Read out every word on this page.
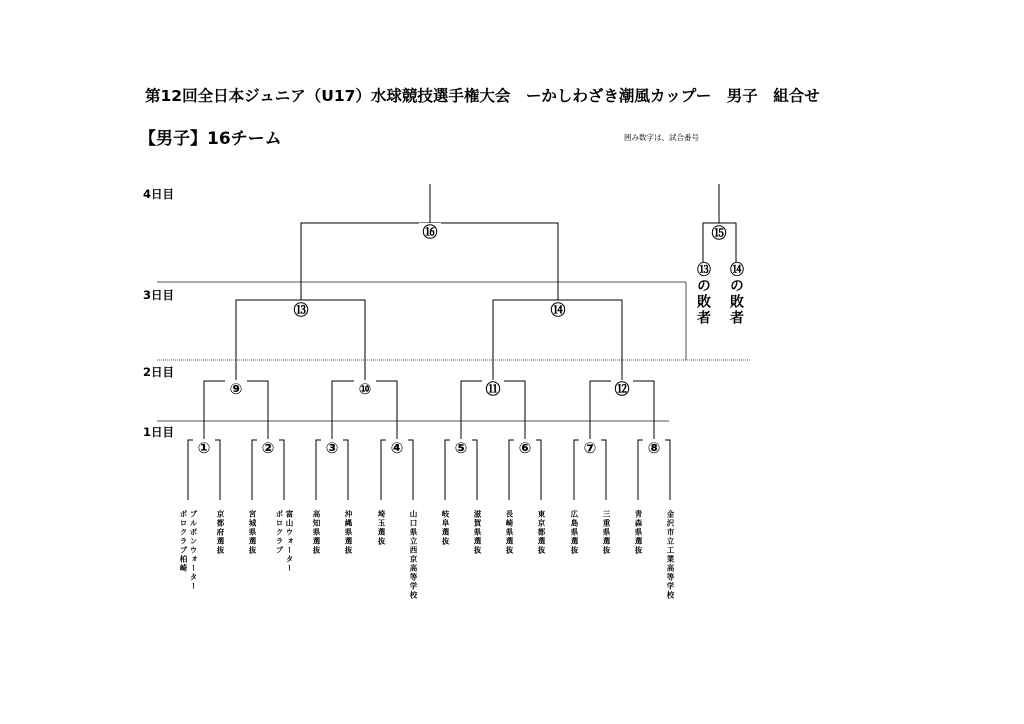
第12回全日本ジュニア（U17）水球競技選手権大会　ーかしわざき潮風カップー　男子　組合せ
【男子】16チーム	囲み数字は、試合番号
4日目
3日目
2日目
1日目
①	②	③	④	⑤	⑥	⑦	⑧
⑨	⑩	⑪	⑫
⑬	⑭
⑮
⑯
⑬の敗者 ⑭の敗者
ブルボンウォーター
ポロクラブ柏崎	京都府選抜	宮城県選抜	富山ウォーター
ポロクラブ	高知県選抜	沖縄県選抜	埼玉選抜	山口県立西京高等学校	岐阜選抜	滋賀県選抜	長崎県選抜	東京都選抜	広島県選抜	三重県選抜	青森県選抜	金沢市立工業高等学校
